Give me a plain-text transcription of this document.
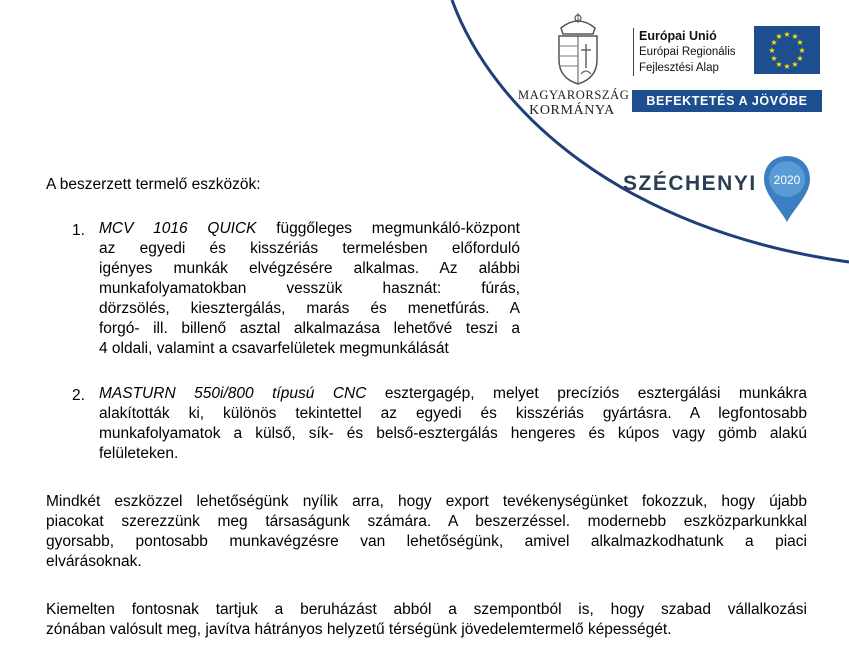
MAGYARORSZÁG
KORMÁNYA
Európai Unió
Európai Regionális
Fejlesztési Alap
★ ★
★
★
★
★
★
★
★
★
★
★
BEFEKTETÉS A JÖVŐBE
SZÉCHENYI 2020
A beszerzett termelő eszközök:
1. MCV 1016 QUICK függőleges megmunkáló-központ
az egyedi és kisszériás termelésben előforduló
igényes munkák elvégzésére alkalmas. Az alábbi
munkafolyamatokban vesszük hasznát: fúrás,
dörzsölés, kiesztergálás, marás és menetfúrás. A
forgó- ill. billenő asztal alkalmazása lehetővé teszi a
4 oldali, valamint a csavarfelületek megmunkálását
2. MASTURN 550i/800 típusú CNC esztergagép, melyet precíziós esztergálási munkákra
alakították ki, különös tekintettel az egyedi és kisszériás gyártásra. A legfontosabb
munkafolyamatok a külső, sík- és belső-esztergálás hengeres és kúpos vagy gömb alakú
felületeken.
Mindkét eszközzel lehetőségünk nyílik arra, hogy export tevékenységünket fokozzuk, hogy újabb
piacokat szerezzünk meg társaságunk számára. A beszerzéssel. modernebb eszközparkunkkal
gyorsabb, pontosabb munkavégzésre van lehetőségünk, amivel alkalmazkodhatunk a piaci
elvárásoknak.
Kiemelten fontosnak tartjuk a beruházást abból a szempontból is, hogy szabad vállalkozási
zónában valósult meg, javítva hátrányos helyzetű térségünk jövedelemtermelő képességét.
